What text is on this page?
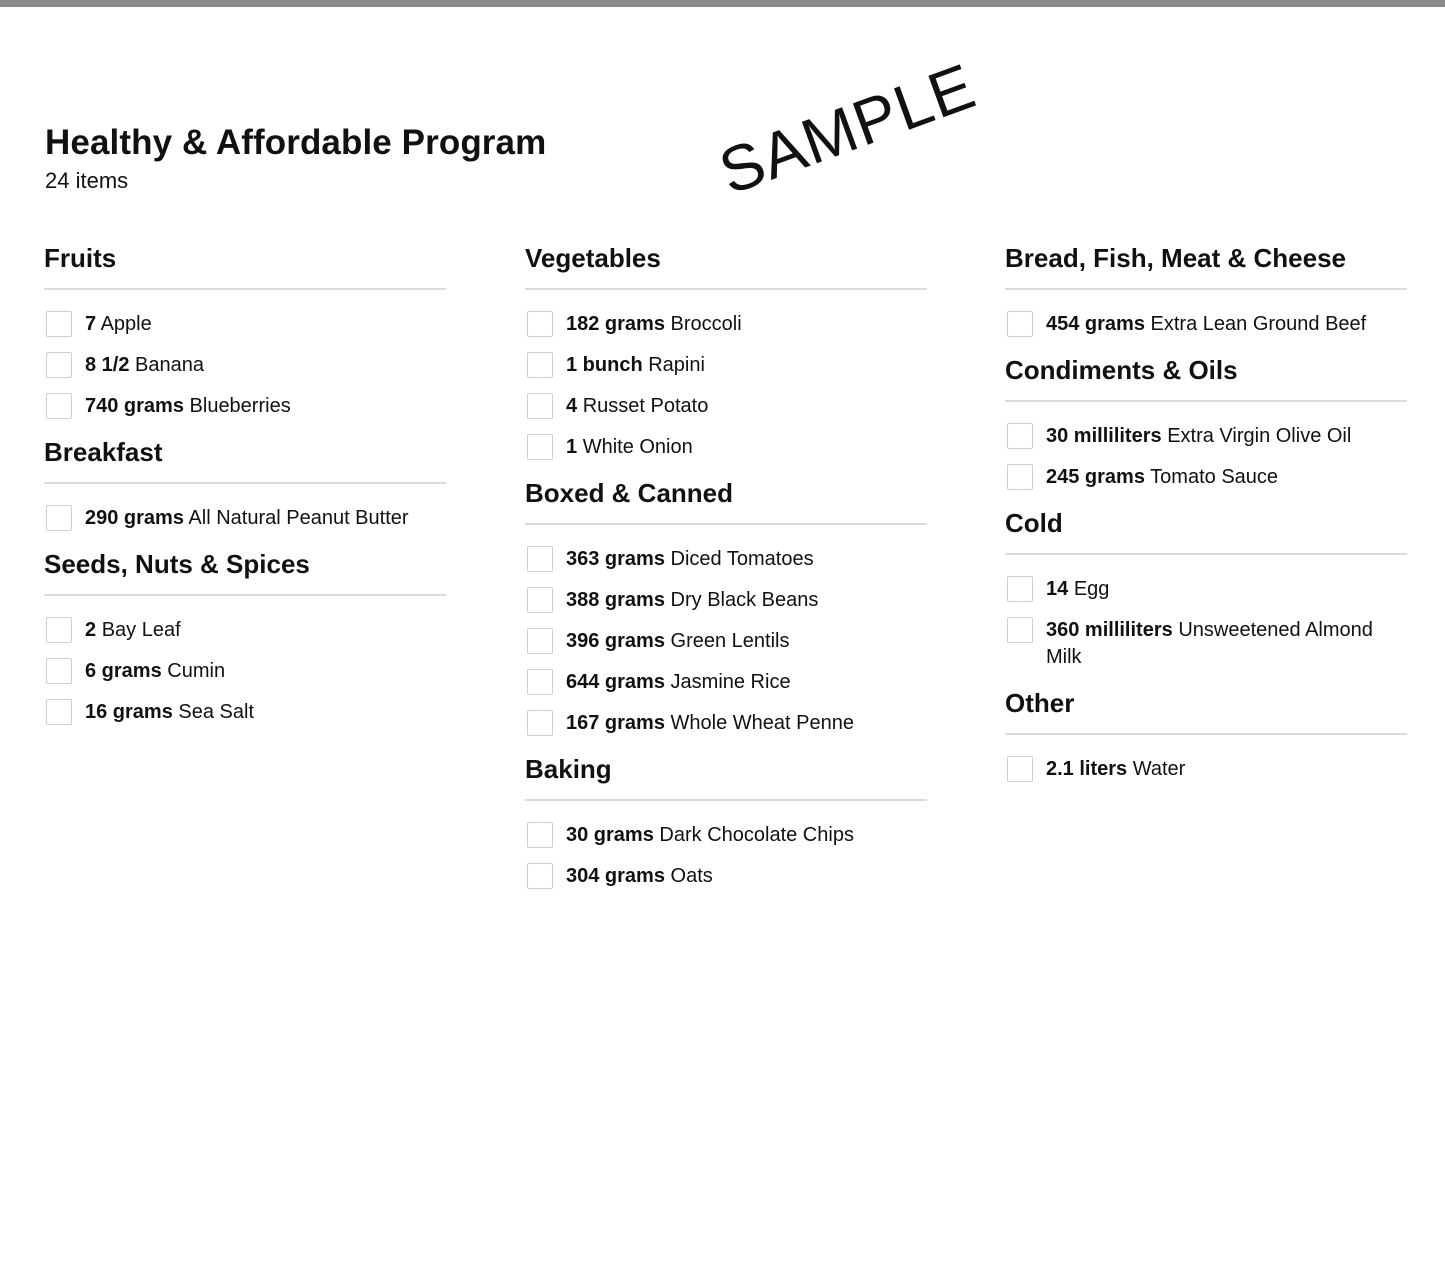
Healthy & Affordable Program
24 items	SAMPLE
Fruits
7 Apple
8 1/2 Banana
740 grams Blueberries
Breakfast
290 grams All Natural Peanut Butter
Seeds, Nuts & Spices
2 Bay Leaf
6 grams Cumin
16 grams Sea Salt
Vegetables
182 grams Broccoli
1 bunch Rapini
4 Russet Potato
1 White Onion
Boxed & Canned
363 grams Diced Tomatoes
388 grams Dry Black Beans
396 grams Green Lentils
644 grams Jasmine Rice
167 grams Whole Wheat Penne
Baking
30 grams Dark Chocolate Chips
304 grams Oats
Bread, Fish, Meat & Cheese
454 grams Extra Lean Ground Beef
Condiments & Oils
30 milliliters Extra Virgin Olive Oil
245 grams Tomato Sauce
Cold
14 Egg
360 milliliters Unsweetened Almond Milk
Other
2.1 liters Water
